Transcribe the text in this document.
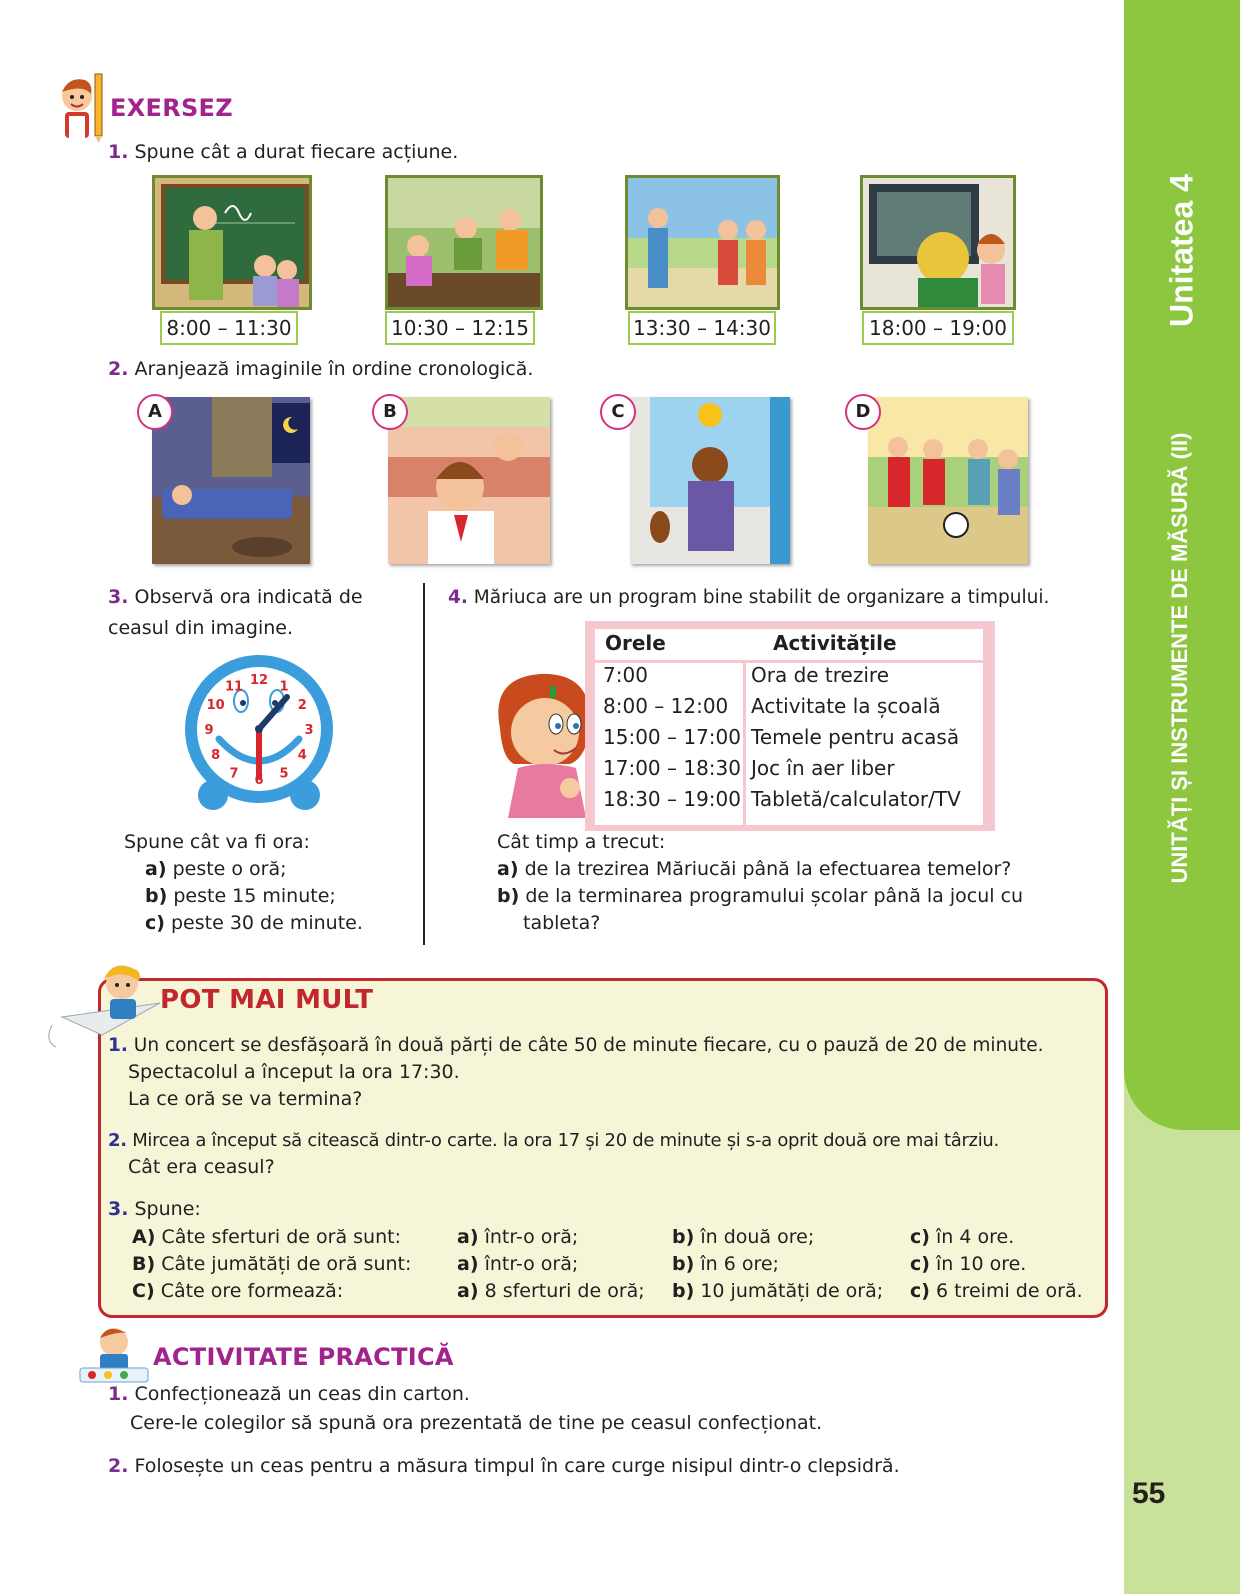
Unitatea 4
UNITĂȚI ȘI INSTRUMENTE DE MĂSURĂ (II)
55
EXERSEZ
1. Spune cât a durat fiecare acțiune.
8:00 – 11:30	10:30 – 12:15	13:30 – 14:30	18:00 – 19:00
2. Aranjează imaginile în ordine cronologică.
A	B	C	D
3. Observă ora indicată de
ceasul din imagine.
12 1
2
3
4
5
6
7
8
9
10
11
Spune cât va fi ora:
a) peste o oră;
b) peste 15 minute;
c) peste 30 de minute.
4. Măriuca are un program bine stabilit de organizare a timpului.
Orele	Activitățile
7:00	Ora de trezire
8:00 – 12:00 Activitate la școală
15:00 – 17:00 Temele pentru acasă
17:00 – 18:30 Joc în aer liber
18:30 – 19:00 Tabletă/calculator/TV
Cât timp a trecut:
a) de la trezirea Măriucăi până la efectuarea temelor?
b) de la terminarea programului școlar până la jocul cu
tableta?
POT MAI MULT
1. Un concert se desfășoară în două părți de câte 50 de minute fiecare, cu o pauză de 20 de minute.
Spectacolul a început la ora 17:30.
La ce oră se va termina?
2. Mircea a început să citească dintr-o carte. la ora 17 și 20 de minute și s-a oprit două ore mai târziu.
Cât era ceasul?
3. Spune:
A) Câte sferturi de oră sunt:	a) într-o oră;	b) în două ore;	c) în 4 ore.
B) Câte jumătăți de oră sunt: a) într-o oră;	b) în 6 ore;	c) în 10 ore.
C) Câte ore formează:	a) 8 sferturi de oră; b) 10 jumătăți de oră; c) 6 treimi de oră.
ACTIVITATE PRACTICĂ
1. Confecționează un ceas din carton.
Cere-le colegilor să spună ora prezentată de tine pe ceasul confecționat.
2. Folosește un ceas pentru a măsura timpul în care curge nisipul dintr-o clepsidră.
